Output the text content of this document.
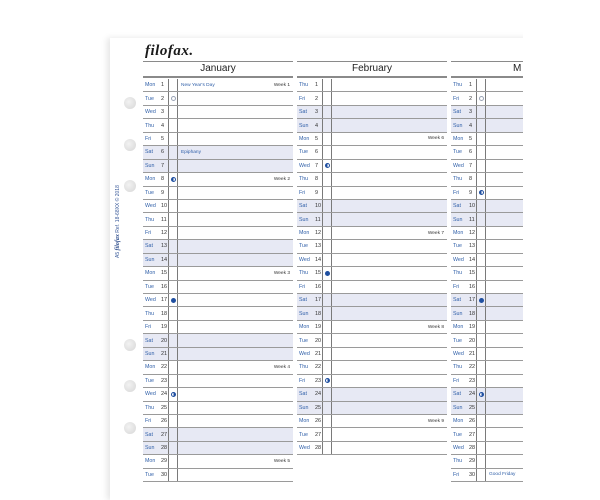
filofax.
A5 filofax Ref. 18-68XX © 2018
January
Mon	1	New Year's Day	Week 1
Tue	2
Wed 3
Thu	4
Fri	5
Sat	6	Epiphany
Sun	7
Mon	8	Week 2
Tue	9
Wed 10
Thu	11
Fri	12
Sat	13
Sun	14
Mon	15	Week 3
Tue	16
Wed 17
Thu	18
Fri	19
Sat	20
Sun	21
Mon	22	Week 4
Tue	23
Wed 24
Thu	25
Fri	26
Sat	27
Sun	28
Mon	29	Week 5
Tue	30
February
Thu	1
Fri	2
Sat	3
Sun	4
Mon	5	Week 6
Tue	6
Wed 7
Thu	8
Fri	9
Sat	10
Sun	11
Mon	12	Week 7
Tue	13
Wed 14
Thu	15
Fri	16
Sat	17
Sun	18
Mon	19	Week 8
Tue	20
Wed 21
Thu	22
Fri	23
Sat	24
Sun	25
Mon	26	Week 9
Tue	27
Wed 28
M
Thu	1
Fri	2
Sat	3
Sun	4
Mon	5
Tue	6
Wed 7
Thu	8
Fri	9
Sat	10
Sun	11
Mon	12
Tue	13
Wed 14
Thu	15
Fri	16
Sat	17
Sun	18
Mon	19
Tue	20
Wed 21
Thu	22
Fri	23
Sat	24
Sun	25
Mon	26
Tue	27
Wed 28
Thu	29
Fri	30	Good Friday
